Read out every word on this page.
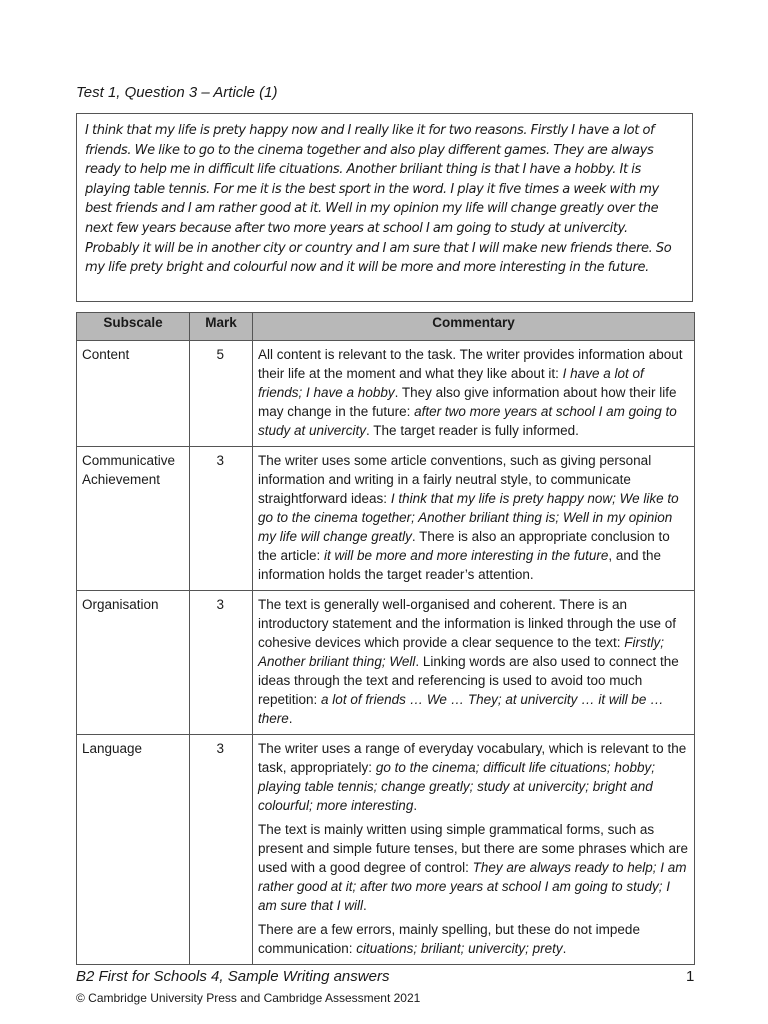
Test 1, Question 3 – Article (1)

I think that my life is prety happy now and I really like it for two reasons. Firstly I have a lot of friends. We like to go to the cinema together and also play different games. They are always ready to help me in difficult life cituations. Another briliant thing is that I have a hobby. It is playing table tennis. For me it is the best sport in the word. I play it five times a week with my best friends and I am rather good at it. Well in my opinion my life will change greatly over the next few years because after two more years at school I am going to study at univercity. Probably it will be in another city or country and I am sure that I will make new friends there. So my life prety bright and colourful now and it will be more and more interesting in the future.

Subscale	Mark	Commentary
Content	5	All content is relevant to the task. The writer provides information about their life at the moment and what they like about it: I have a lot of friends; I have a hobby. They also give information about how their life may change in the future: after two more years at school I am going to study at univercity. The target reader is fully informed.

Communicative Achievement	3	The writer uses some article conventions, such as giving personal information and writing in a fairly neutral style, to communicate straightforward ideas: I think that my life is prety happy now; We like to go to the cinema together; Another briliant thing is; Well in my opinion my life will change greatly. There is also an appropriate conclusion to the article: it will be more and more interesting in the future, and the information holds the target reader’s attention.

Organisation	3	The text is generally well-organised and coherent. There is an introductory statement and the information is linked through the use of cohesive devices which provide a clear sequence to the text: Firstly; Another briliant thing; Well. Linking words are also used to connect the ideas through the text and referencing is used to avoid too much repetition: a lot of friends … We … They; at univercity … it will be … there.

Language	3	The writer uses a range of everyday vocabulary, which is relevant to the task, appropriately: go to the cinema; difficult life cituations; hobby; playing table tennis; change greatly; study at univercity; bright and colourful; more interesting.

The text is mainly written using simple grammatical forms, such as present and simple future tenses, but there are some phrases which are used with a good degree of control: They are always ready to help; I am rather good at it; after two more years at school I am going to study; I am sure that I will.

There are a few errors, mainly spelling, but these do not impede communication: cituations; briliant; univercity; prety.

B2 First for Schools 4, Sample Writing answers	1
© Cambridge University Press and Cambridge Assessment 2021
